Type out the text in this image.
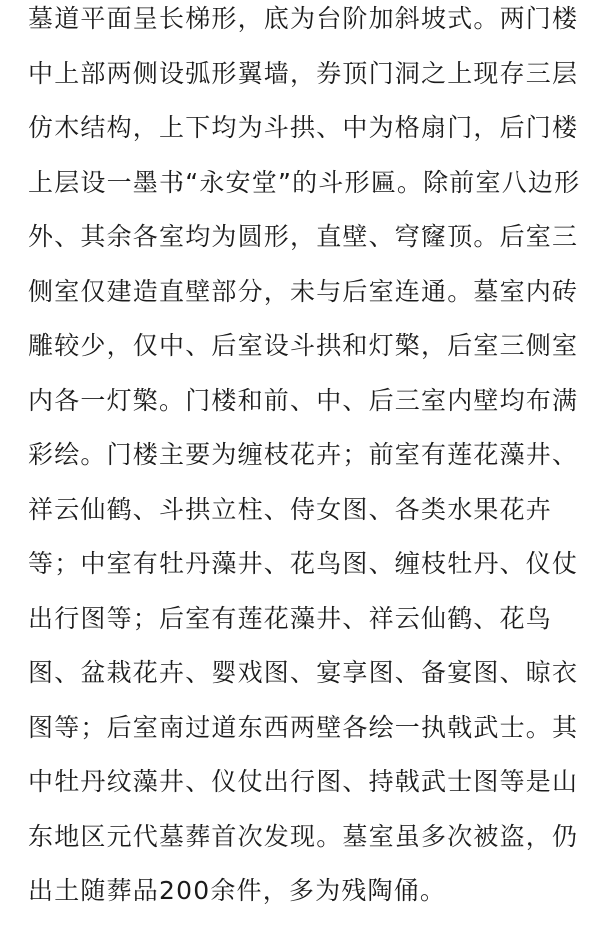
墓道平面呈长梯形，底为台阶加斜坡式。两门楼
中上部两侧设弧形翼墙，券顶门洞之上现存三层
仿木结构，上下均为斗拱、中为格扇门，后门楼
上层设一墨书“永安堂”的斗形匾。除前室八边形
外、其余各室均为圆形，直壁、穹窿顶。后室三
侧室仅建造直壁部分，未与后室连通。墓室内砖
雕较少，仅中、后室设斗拱和灯檠，后室三侧室
内各一灯檠。门楼和前、中、后三室内壁均布满
彩绘。门楼主要为缠枝花卉；前室有莲花藻井、
祥云仙鹤、斗拱立柱、侍女图、各类水果花卉
等；中室有牡丹藻井、花鸟图、缠枝牡丹、仪仗
出行图等；后室有莲花藻井、祥云仙鹤、花鸟
图、盆栽花卉、婴戏图、宴享图、备宴图、晾衣
图等；后室南过道东西两壁各绘一执戟武士。其
中牡丹纹藻井、仪仗出行图、持戟武士图等是山
东地区元代墓葬首次发现。墓室虽多次被盗，仍
出土随葬品200余件，多为残陶俑。
